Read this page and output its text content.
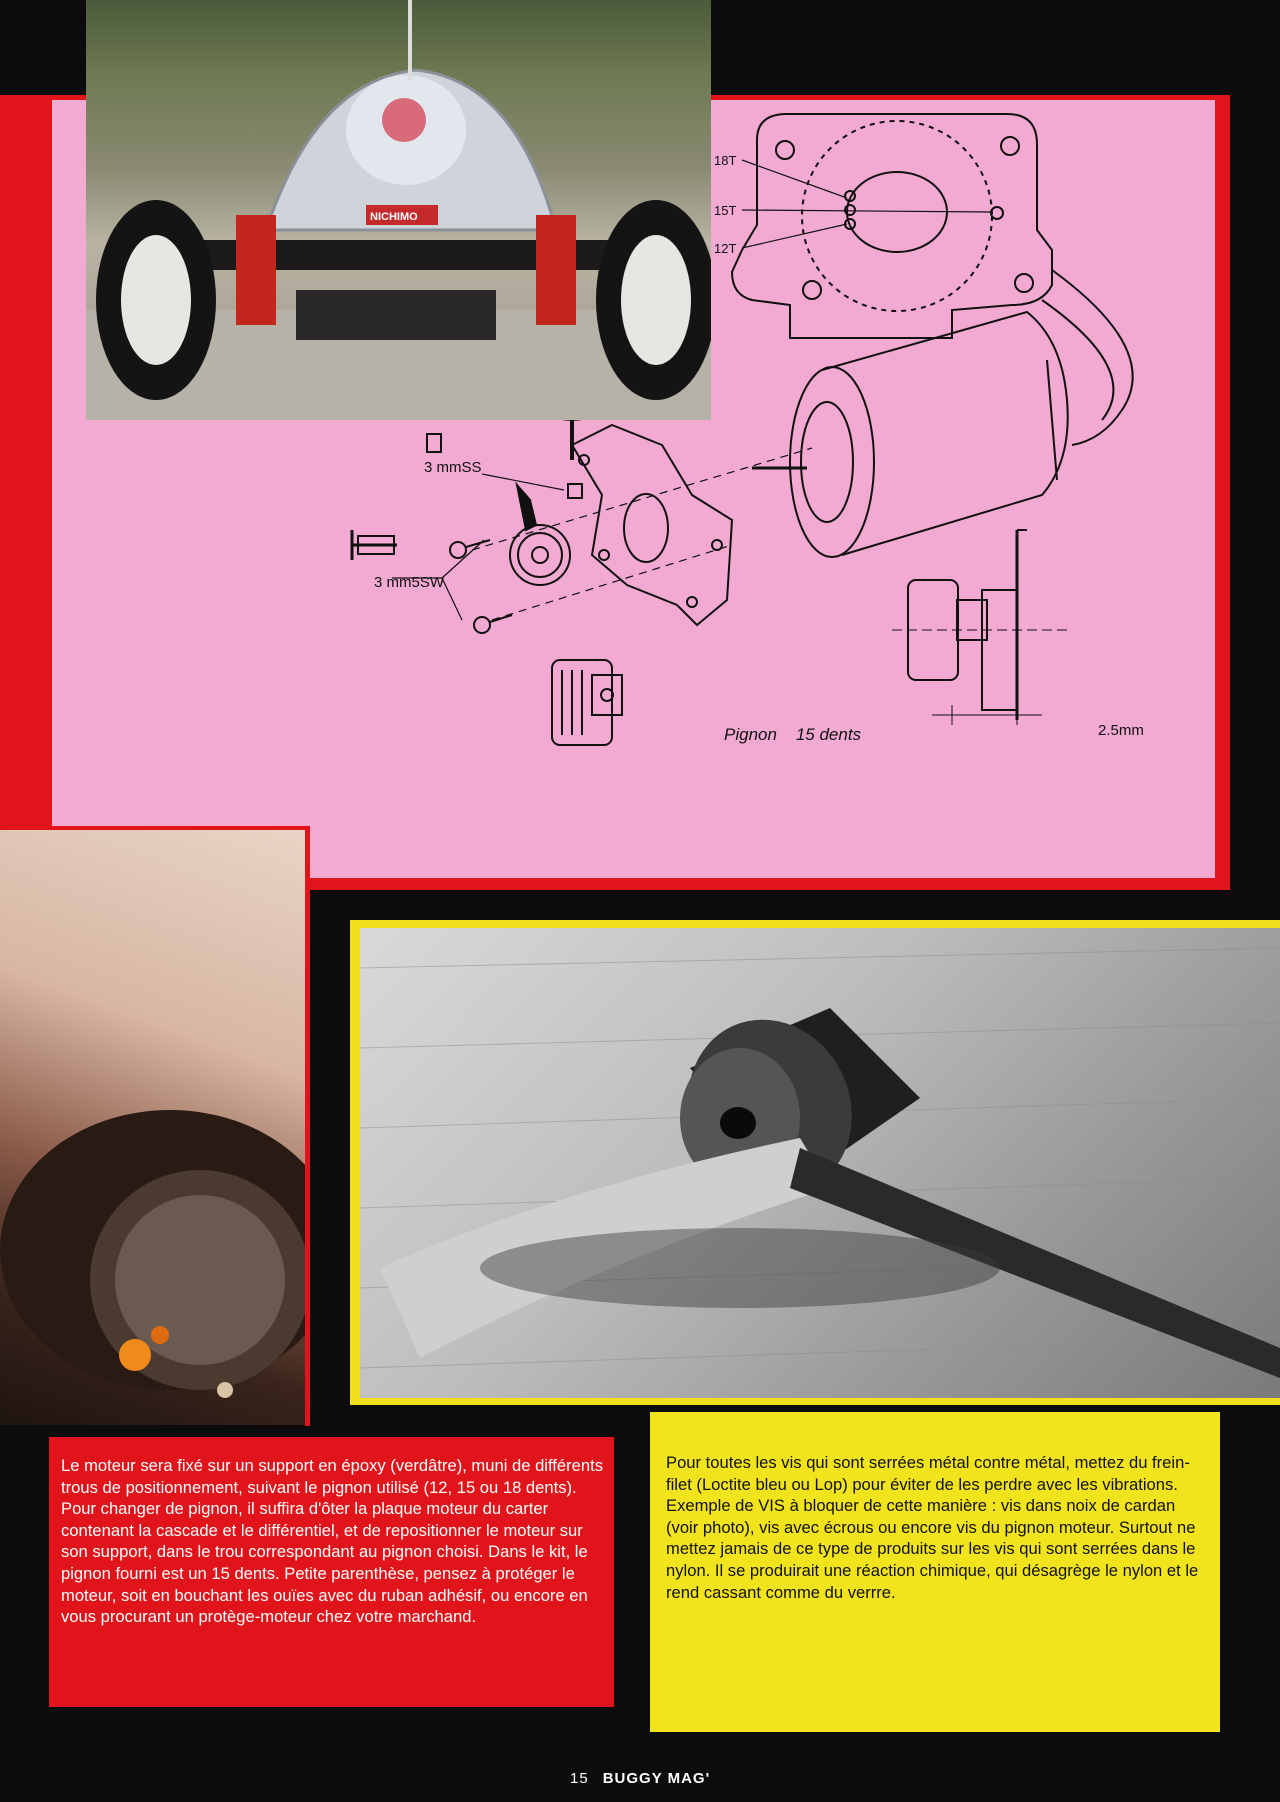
18T
15T
12T
3 mmSS
3 mm5SW
Pignon    15 dents	2.5mm
NICHIMO

Le moteur sera fixé sur un support en époxy (verdâtre), muni de différents trous de positionnement, suivant le pignon utilisé (12, 15 ou 18 dents). Pour changer de pignon, il suffira d'ôter la plaque moteur du carter contenant la cascade et le différentiel, et de repositionner le moteur sur son support, dans le trou correspondant au pignon choisi. Dans le kit, le pignon fourni est un 15 dents. Petite parenthèse, pensez à protéger le moteur, soit en bouchant les ouïes avec du ruban adhésif, ou encore en vous procurant un protège-moteur chez votre marchand.

Pour toutes les vis qui sont serrées métal contre métal, mettez du frein-filet (Loctite bleu ou Lop) pour éviter de les perdre avec les vibrations. Exemple de VIS à bloquer de cette manière : vis dans noix de cardan (voir photo), vis avec écrous ou encore vis du pignon moteur. Surtout ne mettez jamais de ce type de produits sur les vis qui sont serrées dans le nylon. Il se produirait une réaction chimique, qui désagrège le nylon et le rend cassant comme du verrre.

15 BUGGY MAG'
